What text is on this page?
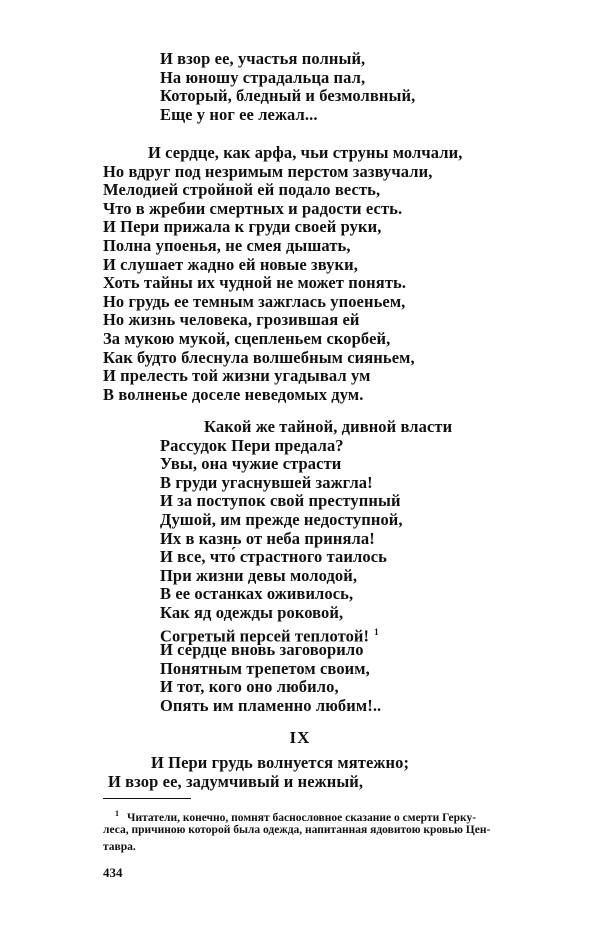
И взор ее, участья полный,
На юношу страдальца пал,
Который, бледный и безмолвный,
Еще у ног ее лежал...
И сердце, как арфа, чьи струны молчали,
Но вдруг под незримым перстом зазвучали,
Мелодией стройной ей подало весть,
Что в жребии смертных и радости есть.
И Пери прижала к груди своей руки,
Полна упоенья, не смея дышать,
И слушает жадно ей новые звуки,
Хоть тайны их чудной не может понять.
Но грудь ее темным зажглась упоеньем,
Но жизнь человека, грозившая ей
За мукою мукой, сцепленьем скорбей,
Как будто блеснула волшебным сияньем,
И прелесть той жизни угадывал ум
В волненье доселе неведомых дум.
Какой же тайной, дивной власти
Рассудок Пери предала?
Увы, она чужие страсти
В груди угаснувшей зажгла!
И за поступок свой преступный
Душой, им прежде недоступной,
Их в казнь от неба приняла!
И все, что́ страстного таилось
При жизни девы молодой,
В ее останках оживилось,
Как яд одежды роковой,
Согретый персей теплотой! $^1$
И сердце вновь заговорило
Понятным трепетом своим,
И тот, кого оно любило,
Опять им пламенно любим!..
И Пери грудь волнуется мятежно;
И взор ее, задумчивый и нежный,
IX
434
$^1$ Читатели, конечно, помнят баснословное сказание о смерти Герку-
леса, причиною которой была одежда, напитанная ядовитою кровью Цен-
тавра.
